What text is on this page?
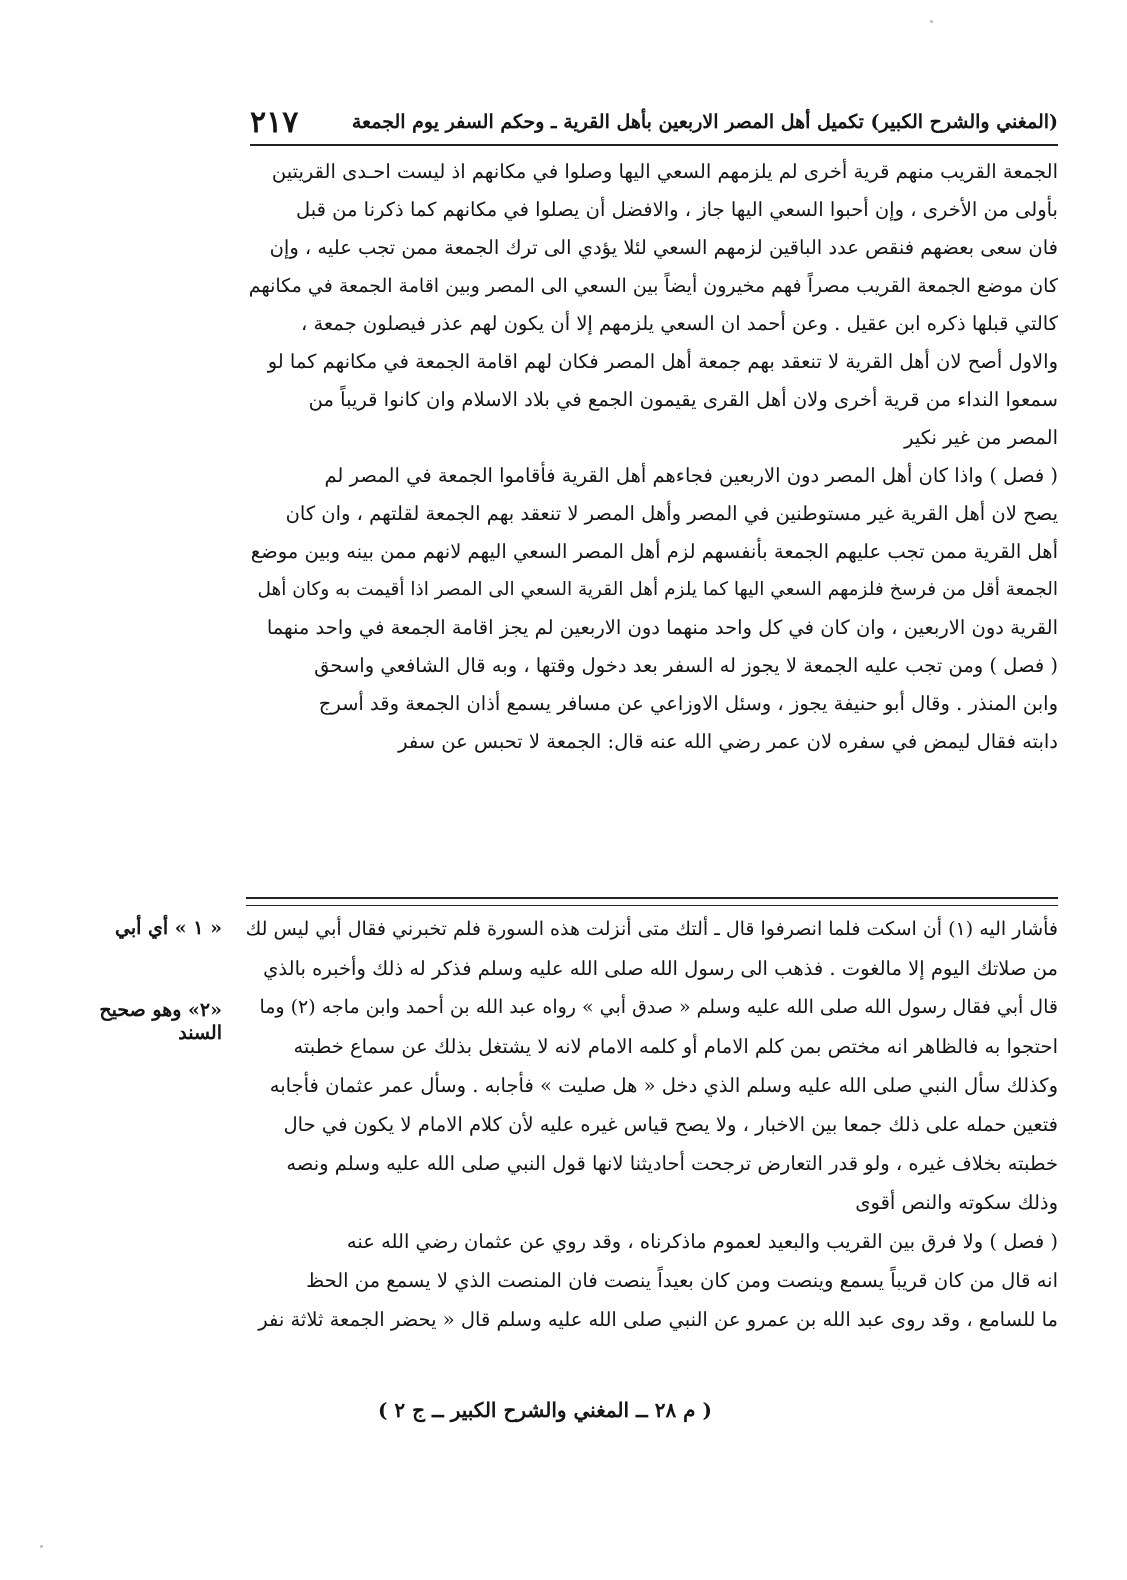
(المغني والشرح الكبير) تكميل أهل المصر الاربعين بأهل القرية ـ وحكم السفر يوم الجمعة
٢١٧
الجمعة القريب منهم قرية أخرى لم يلزمهم السعي اليها وصلوا في مكانهم اذ ليست احـدى القريتين
بأولى من الأخرى ، وإن أحبوا السعي اليها جاز ، والافضل أن يصلوا في مكانهم كما ذكرنا من قبل
فان سعى بعضهم فنقص عدد الباقين لزمهم السعي لئلا يؤدي الى ترك الجمعة ممن تجب عليه ، وإن
كان موضع الجمعة القريب مصراً فهم مخيرون أيضاً بين السعي الى المصر وبين اقامة الجمعة في مكانهم
كالتي قبلها ذكره ابن عقيل . وعن أحمد ان السعي يلزمهم إلا أن يكون لهم عذر فيصلون جمعة ،
والاول أصح لان أهل القرية لا تنعقد بهم جمعة أهل المصر فكان لهم اقامة الجمعة في مكانهم كما لو
سمعوا النداء من قرية أخرى ولان أهل القرى يقيمون الجمع في بلاد الاسلام وان كانوا قريباً من
المصر من غير نكير
( فصل ) واذا كان أهل المصر دون الاربعين فجاءهم أهل القرية فأقاموا الجمعة في المصر لم
يصح لان أهل القرية غير مستوطنين في المصر وأهل المصر لا تنعقد بهم الجمعة لقلتهم ، وان كان
أهل القرية ممن تجب عليهم الجمعة بأنفسهم لزم أهل المصر السعي اليهم لانهم ممن بينه وبين موضع
الجمعة أقل من فرسخ فلزمهم السعي اليها كما يلزم أهل القرية السعي الى المصر اذا أقيمت به وكان أهل
القرية دون الاربعين ، وان كان في كل واحد منهما دون الاربعين لم يجز اقامة الجمعة في واحد منهما
( فصل ) ومن تجب عليه الجمعة لا يجوز له السفر بعد دخول وقتها ، وبه قال الشافعي واسحق
وابن المنذر . وقال أبو حنيفة يجوز ، وسئل الاوزاعي عن مسافر يسمع أذان الجمعة وقد أسرج
دابته فقال ليمض في سفره لان عمر رضي الله عنه قال: الجمعة لا تحبس عن سفر
فأشار اليه (١) أن اسكت فلما انصرفوا قال ـ ألتك متى أنزلت هذه السورة فلم تخبرني فقال أبي ليس لك
من صلاتك اليوم إلا مالغوت . فذهب الى رسول الله صلى الله عليه وسلم فذكر له ذلك وأخبره بالذي
قال أبي فقال رسول الله صلى الله عليه وسلم « صدق أبي » رواه عبد الله بن أحمد وابن ماجه (٢) وما
احتجوا به فالظاهر انه مختص بمن كلم الامام أو كلمه الامام لانه لا يشتغل بذلك عن سماع خطبته
وكذلك سأل النبي صلى الله عليه وسلم الذي دخل « هل صليت » فأجابه . وسأل عمر عثمان فأجابه
فتعين حمله على ذلك جمعا بين الاخبار ، ولا يصح قياس غيره عليه لأن كلام الامام لا يكون في حال
خطبته بخلاف غيره ، ولو قدر التعارض ترجحت أحاديثنا لانها قول النبي صلى الله عليه وسلم ونصه
وذلك سكوته والنص أقوى
( فصل ) ولا فرق بين القريب والبعيد لعموم ماذكرناه ، وقد روي عن عثمان رضي الله عنه
انه قال من كان قريباً يسمع وينصت ومن كان بعيداً ينصت فان المنصت الذي لا يسمع من الحظ
ما للسامع ، وقد روى عبد الله بن عمرو عن النبي صلى الله عليه وسلم قال « يحضر الجمعة ثلاثة نفر
« ١ » أي أبي
«٢» وهو صحيح السند
( م ٢٨ ــ المغني والشرح الكبير ــ ج ٢ )
